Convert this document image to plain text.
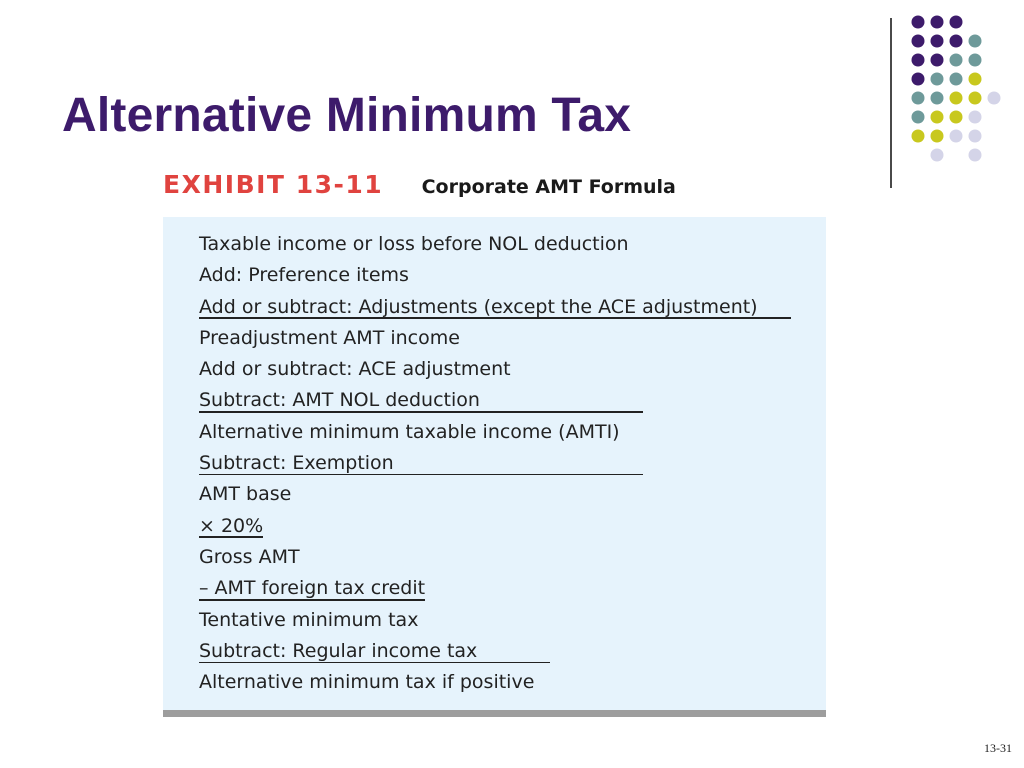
Alternative Minimum Tax
EXHIBIT 13-11 Corporate AMT Formula
Taxable income or loss before NOL deduction
Add: Preference items
Add or subtract: Adjustments (except the ACE adjustment)
Preadjustment AMT income
Add or subtract: ACE adjustment
Subtract: AMT NOL deduction
Alternative minimum taxable income (AMTI)
Subtract: Exemption
AMT base
× 20%
Gross AMT
– AMT foreign tax credit
Tentative minimum tax
Subtract: Regular income tax
Alternative minimum tax if positive
13-31
